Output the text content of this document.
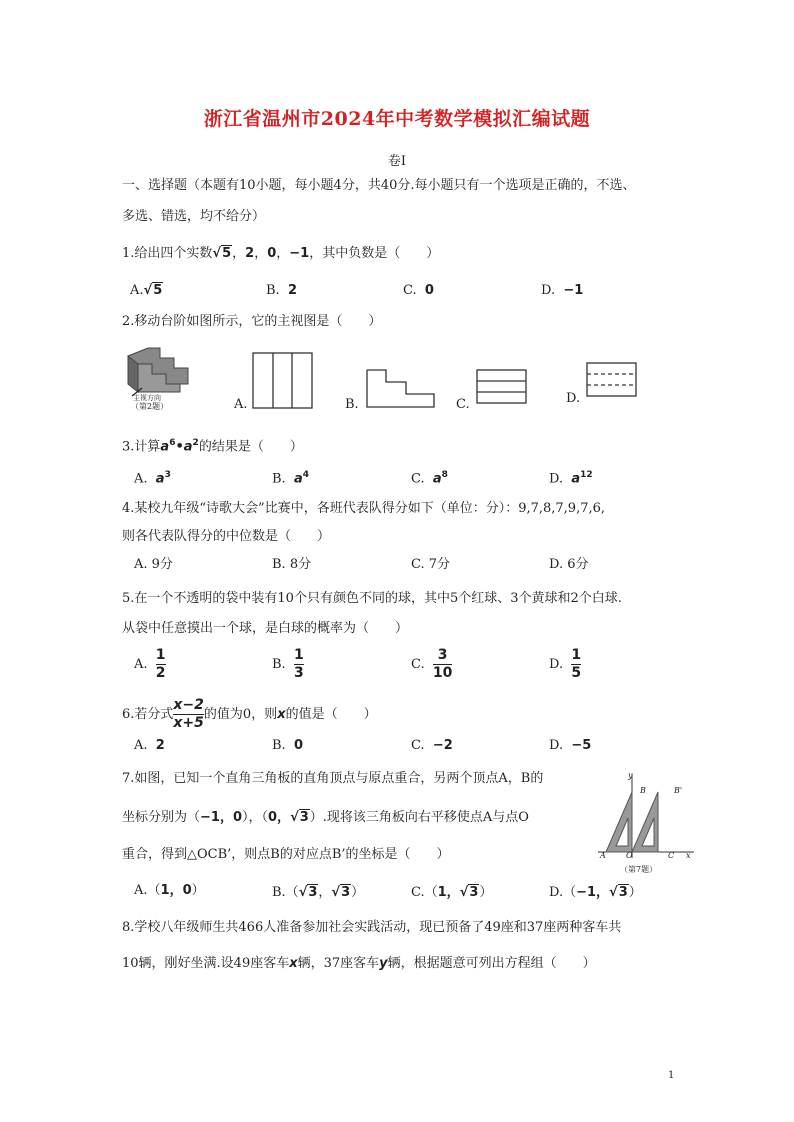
浙江省温州市2024年中考数学模拟汇编试题
卷I
一、选择题（本题有10小题，每小题4分，共40分.每小题只有一个选项是正确的，不选、
多选、错选，均不给分）
1.给出四个实数√5，2，0，−1，其中负数是（　　）
A.√5	B. 2	C. 0	D. −1
2.移动台阶如图所示，它的主视图是（　　）
主视方向
（第2题）	A.	B.	C.	D.
3.计算$a^6•a^2$的结果是（　　）
A. $a^3$	B. $a^4$	C. $a^8$	D. $a^{12}$
4.某校九年级“诗歌大会”比赛中，各班代表队得分如下（单位：分）：9,7,8,7,9,7,6,
则各代表队得分的中位数是（　　）
A. 9分	B. 8分	C. 7分	D. 6分
5.在一个不透明的袋中装有10个只有颜色不同的球，其中5个红球、3个黄球和2个白球.
从袋中任意摸出一个球，是白球的概率为（　　）
A. $\frac{1}{2}$	B. $\frac{1}{3}$	C. $\frac{3}{10}$	D. $\frac{1}{5}$
6.若分式 $\frac{x-2}{x+5}$ 的值为0，则x的值是（　　）
A. 2	B. 0	C. −2	D. −5
7.如图，已知一个直角三角板的直角顶点与原点重合，另两个顶点A，B的
坐标分别为（−1，0），（0，√3）.现将该三角板向右平移使点A与点O
重合，得到△OCB’，则点B的对应点B’的坐标是（　　）
y
B	B'
A	O	C x
（第7题）
A.（1，0）	B.（√3，√3）	C.（1，√3）	D.（−1，√3）
8.学校八年级师生共466人准备参加社会实践活动，现已预备了49座和37座两种客车共
10辆，刚好坐满.设49座客车x辆，37座客车y辆，根据题意可列出方程组（　　）
1
